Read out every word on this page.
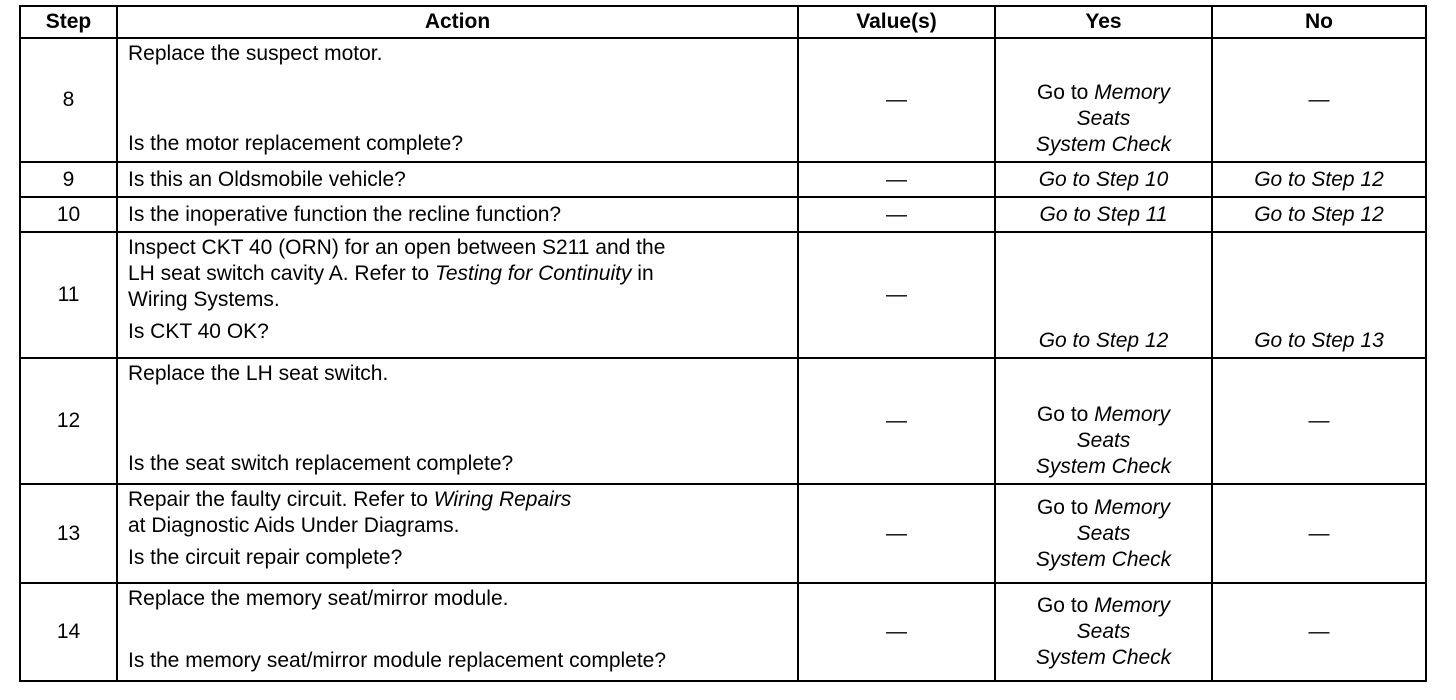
Step	Action	Value(s)	Yes	No
8	Replace the suspect motor.
Is the motor replacement complete?	—	Go to Memory
Seats
System Check	—
9	Is this an Oldsmobile vehicle?	—	Go to Step 10	Go to Step 12
10	Is the inoperative function the recline function?	—	Go to Step 11	Go to Step 12
11	Inspect CKT 40 (ORN) for an open between S211 and the
LH seat switch cavity A. Refer to Testing for Continuity in
Wiring Systems.
Is CKT 40 OK?	—	Go to Step 12	Go to Step 13
12	Replace the LH seat switch.
Is the seat switch replacement complete?	—	Go to Memory
Seats
System Check	—
13	Repair the faulty circuit. Refer to Wiring Repairs
at Diagnostic Aids Under Diagrams.
Is the circuit repair complete?	—	Go to Memory
Seats
System Check	—
14	Replace the memory seat/mirror module.
Is the memory seat/mirror module replacement complete?	—	Go to Memory
Seats
System Check	—
